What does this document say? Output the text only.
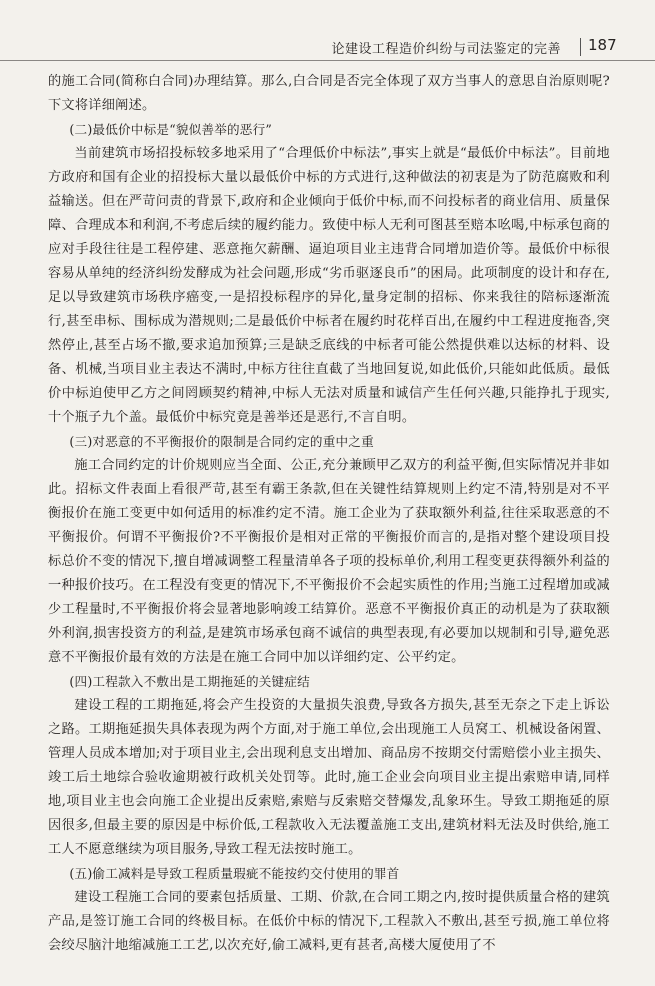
论建设工程造价纠纷与司法鉴定的完善 187

的施工合同(简称白合同)办理结算。那么,白合同是否完全体现了双方当事人的意思自治原则呢?下文将详细阐述。

(二)最低价中标是“貌似善举的恶行”

当前建筑市场招投标较多地采用了“合理低价中标法”,事实上就是“最低价中标法”。目前地方政府和国有企业的招投标大量以最低价中标的方式进行,这种做法的初衷是为了防范腐败和利益输送。但在严苛问责的背景下,政府和企业倾向于低价中标,而不问投标者的商业信用、质量保障、合理成本和利润,不考虑后续的履约能力。致使中标人无利可图甚至赔本吆喝,中标承包商的应对手段往往是工程停建、恶意拖欠薪酬、逼迫项目业主违背合同增加造价等。最低价中标很容易从单纯的经济纠纷发酵成为社会问题,形成“劣币驱逐良币”的困局。此项制度的设计和存在,足以导致建筑市场秩序癌变,一是招投标程序的异化,量身定制的招标、你来我往的陪标逐渐流行,甚至串标、围标成为潜规则;二是最低价中标者在履约时花样百出,在履约中工程进度拖沓,突然停止,甚至占场不撤,要求追加预算;三是缺乏底线的中标者可能公然提供难以达标的材料、设备、机械,当项目业主表达不满时,中标方往往直截了当地回复说,如此低价,只能如此低质。最低价中标迫使甲乙方之间罔顾契约精神,中标人无法对质量和诚信产生任何兴趣,只能挣扎于现实,十个瓶子九个盖。最低价中标究竟是善举还是恶行,不言自明。

(三)对恶意的不平衡报价的限制是合同约定的重中之重

施工合同约定的计价规则应当全面、公正,充分兼顾甲乙双方的利益平衡,但实际情况并非如此。招标文件表面上看很严苛,甚至有霸王条款,但在关键性结算规则上约定不清,特别是对不平衡报价在施工变更中如何适用的标准约定不清。施工企业为了获取额外利益,往往采取恶意的不平衡报价。何谓不平衡报价?不平衡报价是相对正常的平衡报价而言的,是指对整个建设项目投标总价不变的情况下,擅自增减调整工程量清单各子项的投标单价,利用工程变更获得额外利益的一种报价技巧。在工程没有变更的情况下,不平衡报价不会起实质性的作用;当施工过程增加或减少工程量时,不平衡报价将会显著地影响竣工结算价。恶意不平衡报价真正的动机是为了获取额外利润,损害投资方的利益,是建筑市场承包商不诚信的典型表现,有必要加以规制和引导,避免恶意不平衡报价最有效的方法是在施工合同中加以详细约定、公平约定。

(四)工程款入不敷出是工期拖延的关键症结

建设工程的工期拖延,将会产生投资的大量损失浪费,导致各方损失,甚至无奈之下走上诉讼之路。工期拖延损失具体表现为两个方面,对于施工单位,会出现施工人员窝工、机械设备闲置、管理人员成本增加;对于项目业主,会出现利息支出增加、商品房不按期交付需赔偿小业主损失、竣工后土地综合验收逾期被行政机关处罚等。此时,施工企业会向项目业主提出索赔申请,同样地,项目业主也会向施工企业提出反索赔,索赔与反索赔交替爆发,乱象环生。导致工期拖延的原因很多,但最主要的原因是中标价低,工程款收入无法覆盖施工支出,建筑材料无法及时供给,施工工人不愿意继续为项目服务,导致工程无法按时施工。

(五)偷工减料是导致工程质量瑕疵不能按约交付使用的罪首

建设工程施工合同的要素包括质量、工期、价款,在合同工期之内,按时提供质量合格的建筑产品,是签订施工合同的终极目标。在低价中标的情况下,工程款入不敷出,甚至亏损,施工单位将会绞尽脑汁地缩减施工工艺,以次充好,偷工减料,更有甚者,高楼大厦使用了不
